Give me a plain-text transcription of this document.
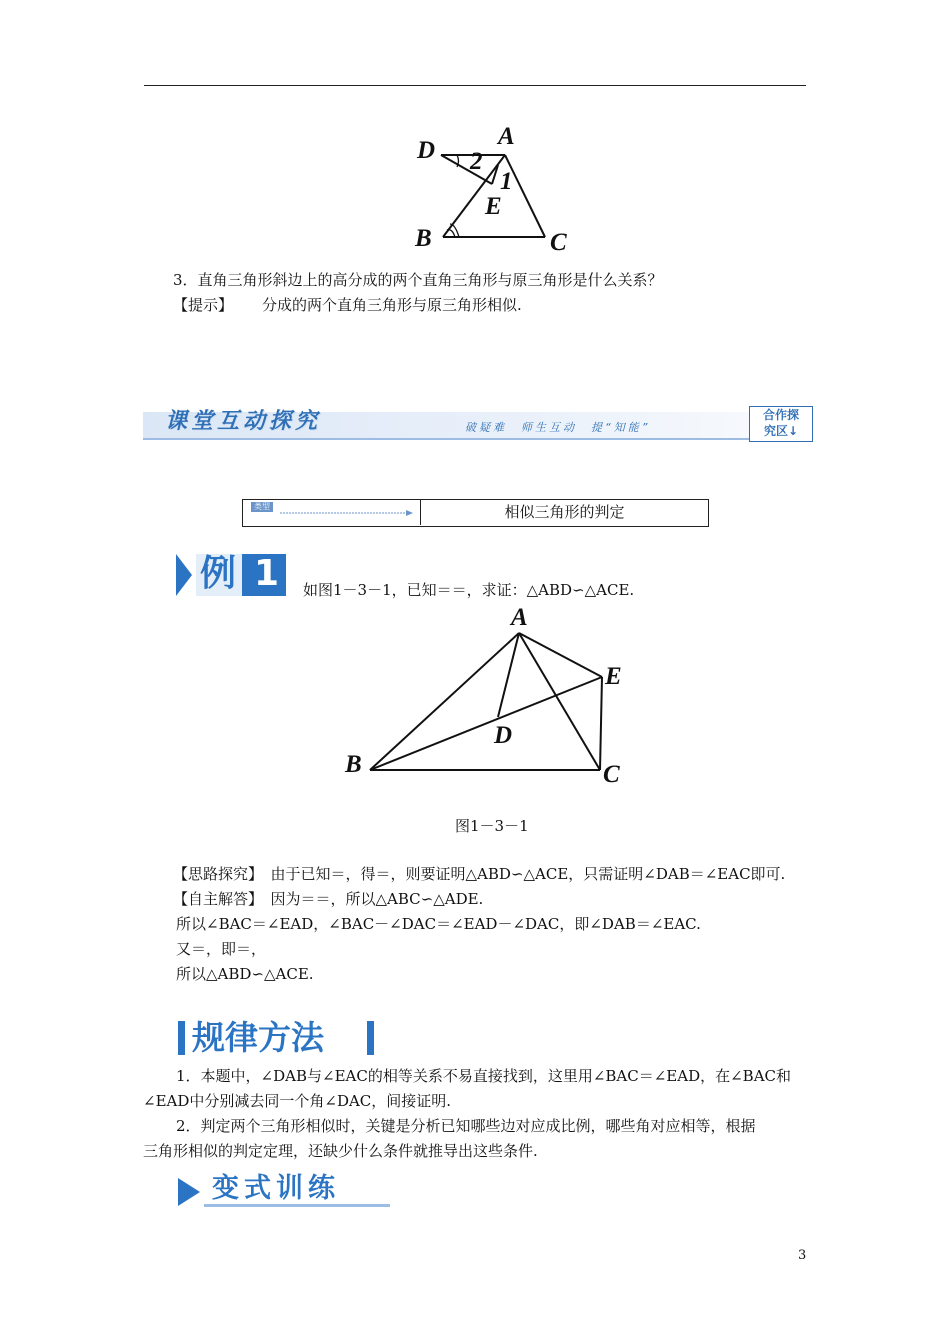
D
A
2
1
E
B	C
3．直角三角形斜边上的高分成的两个直角三角形与原三角形是什么关系？
【提示】 分成的两个直角三角形与原三角形相似.
课堂互动探究	破疑难　师生互动　提“知能”
合作探
究区↓
类型	相似三角形的判定
例 1 如图1－3－1，已知＝＝，求证：△ABD∽△ACE.
A
E
D
B	C
图1－3－1
【思路探究】　由于已知＝，得＝，则要证明△ABD∽△ACE，只需证明∠DAB＝∠EAC即可.
【自主解答】　因为＝＝，所以△ABC∽△ADE.
所以∠BAC＝∠EAD，∠BAC－∠DAC＝∠EAD－∠DAC，即∠DAB＝∠EAC.
又＝，即＝，
所以△ABD∽△ACE.
规律方法
1．本题中，∠DAB与∠EAC的相等关系不易直接找到，这里用∠BAC＝∠EAD，在∠BAC和
∠EAD中分别减去同一个角∠DAC，间接证明.
2．判定两个三角形相似时，关键是分析已知哪些边对应成比例，哪些角对应相等，根据
三角形相似的判定定理，还缺少什么条件就推导出这些条件.
变式训练
3
